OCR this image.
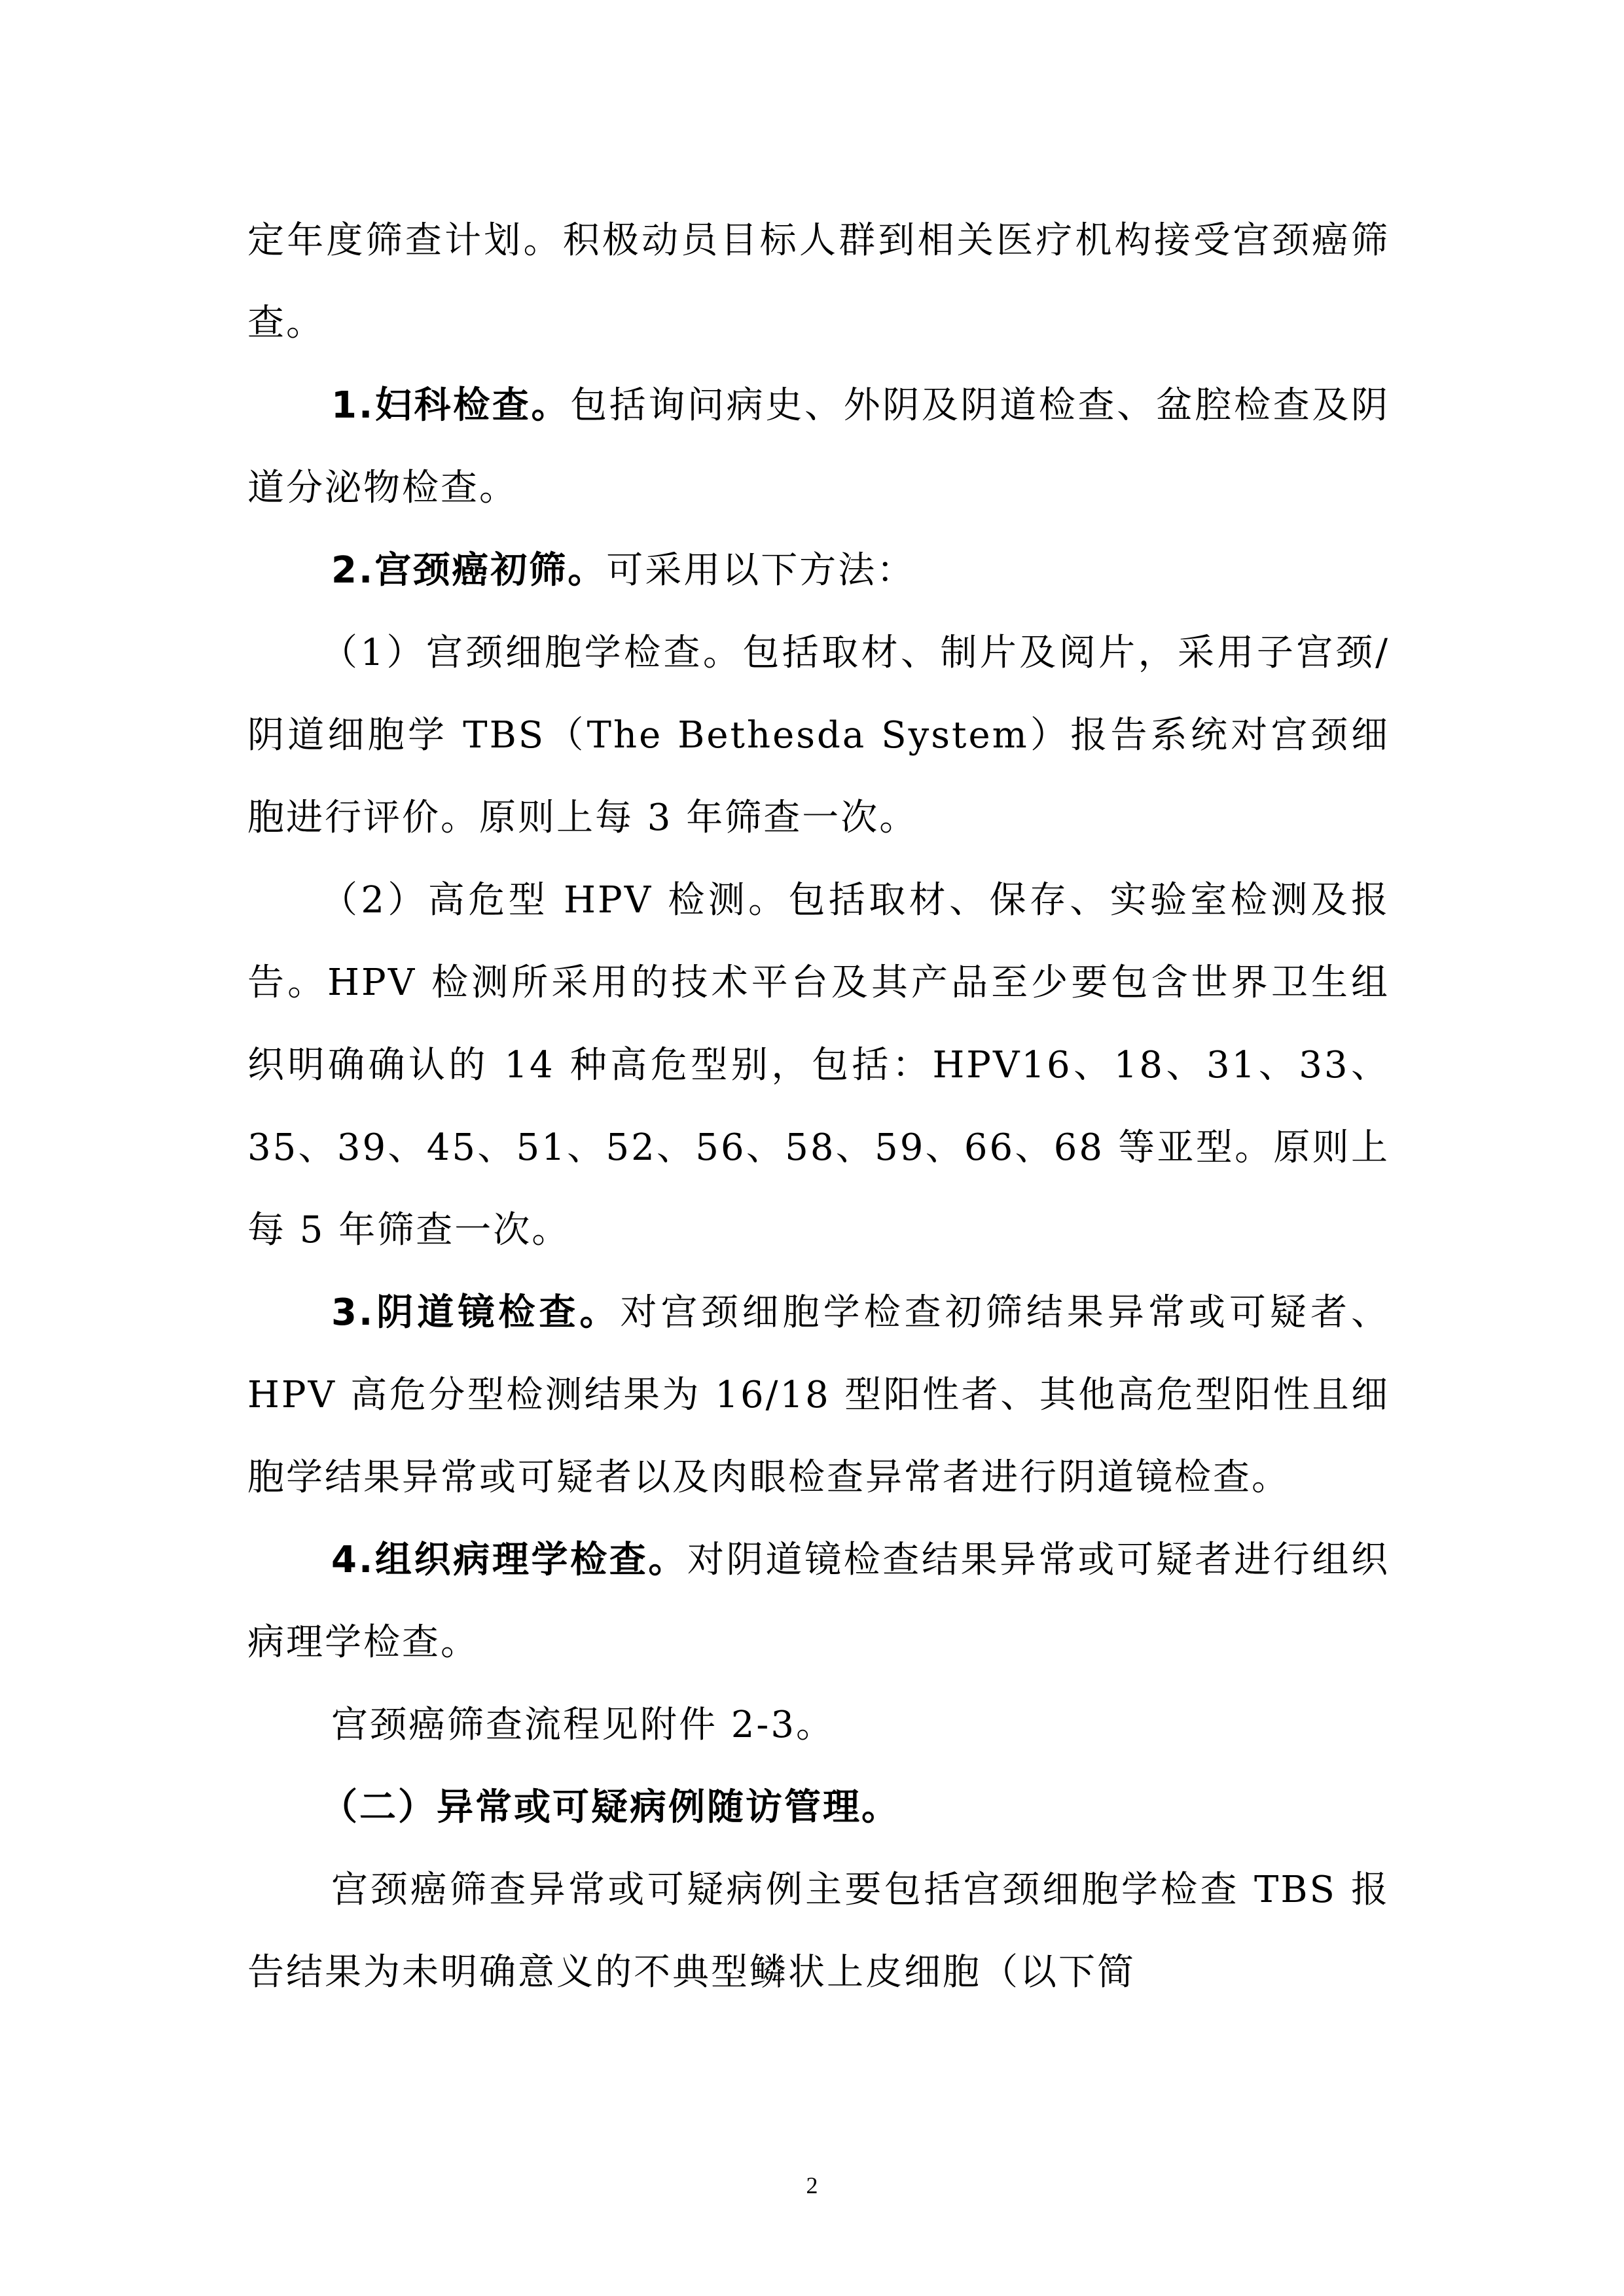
定年度筛查计划。积极动员目标人群到相关医疗机构接受宫颈癌筛查。

1.妇科检查。包括询问病史、外阴及阴道检查、盆腔检查及阴道分泌物检查。

2.宫颈癌初筛。可采用以下方法：

（1）宫颈细胞学检查。包括取材、制片及阅片，采用子宫颈/阴道细胞学 TBS（The Bethesda System）报告系统对宫颈细胞进行评价。原则上每 3 年筛查一次。

（2）高危型 HPV 检测。包括取材、保存、实验室检测及报告。HPV 检测所采用的技术平台及其产品至少要包含世界卫生组织明确确认的 14 种高危型别，包括：HPV16、18、31、33、35、39、45、51、52、56、58、59、66、68 等亚型。原则上每 5 年筛查一次。

3.阴道镜检查。对宫颈细胞学检查初筛结果异常或可疑者、HPV 高危分型检测结果为 16/18 型阳性者、其他高危型阳性且细胞学结果异常或可疑者以及肉眼检查异常者进行阴道镜检查。

4.组织病理学检查。对阴道镜检查结果异常或可疑者进行组织病理学检查。

宫颈癌筛查流程见附件 2-3。

（二）异常或可疑病例随访管理。

宫颈癌筛查异常或可疑病例主要包括宫颈细胞学检查 TBS 报告结果为未明确意义的不典型鳞状上皮细胞（以下简

2
